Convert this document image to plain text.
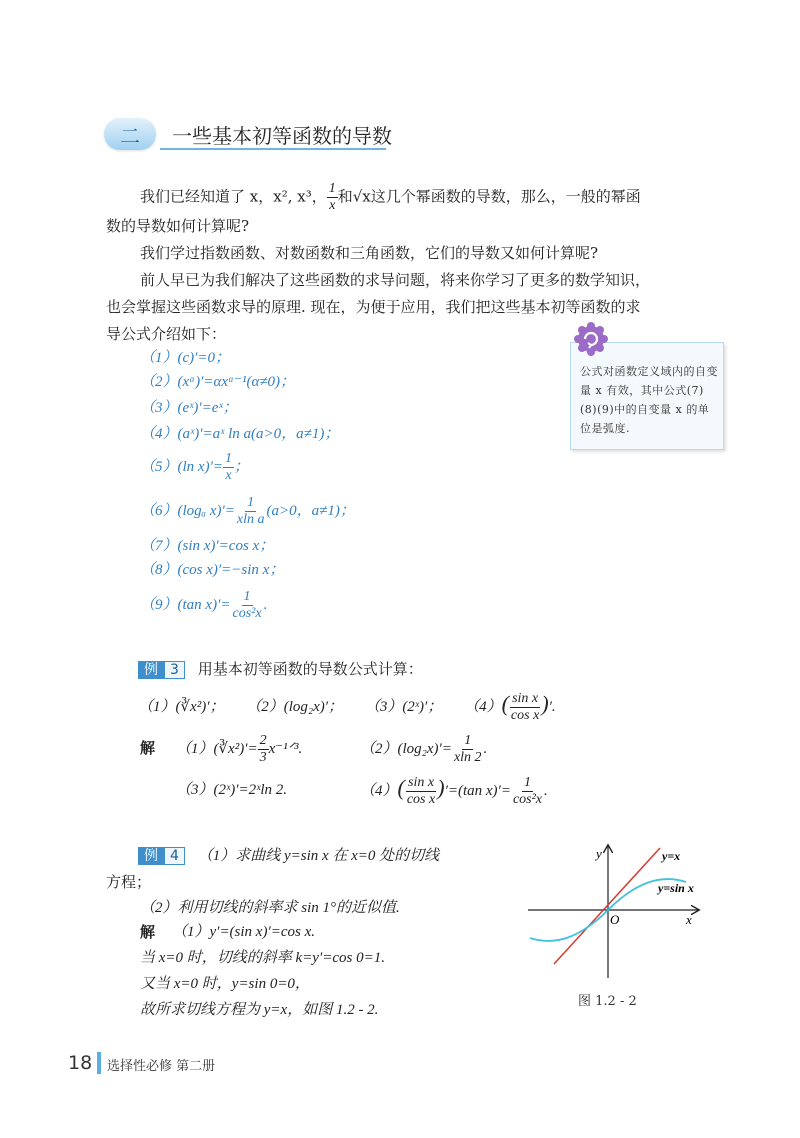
二 一些基本初等函数的导数
我们已经知道了 x，x², x³， $\frac{1}{x}$ 和√x这几个幂函数的导数，那么，一般的幂函
数的导数如何计算呢?
我们学过指数函数、对数函数和三角函数，它们的导数又如何计算呢?
前人早已为我们解决了这些函数的求导问题，将来你学习了更多的数学知识，
也会掌握这些函数求导的原理. 现在，为便于应用，我们把这些基本初等函数的求
导公式介绍如下：
（1）(c)′=0；
（2）(xᵅ)′=αxᵅ⁻¹(α≠0)；
（3）(eˣ)′=eˣ；
（4）(aˣ)′=aˣ ln a(a>0，a≠1)；
（5）(ln $x)'= \frac{1}{x}$ ；
（6）(logₐ $x)'= \frac{1}{\text{xln a}} (a>0$，a≠1)；
（7）(sin x)′=cos x；
（8）(cos x)′=−sin x；
（9）(tan $x)'= \frac{1}{\text{cos²x}}$ .
公式对函数定义域内的自变量 x 有效，其中公式(7)(8)(9)中的自变量 x 的单位是弧度.
例 3 用基本初等函数的导数公式计算：
（1）(∛x²)′； （2）(log₂x)′； （3）(2ˣ)′； $(4)( \frac{\text{sin x}}{\text{cos x}}$ )′.
解 （1）(∛x²)′= $\frac{2}{3}$ x⁻¹ᐟ³.	$(2)(\log_2x)'= \frac{1}{xln 2}$ .
（3）(2ˣ)′=2ˣln 2.	$(4)( \frac{\text{sin x}}{\text{cos x}} )'=(\tan$ $x)'= \frac{1}{\text{cos²x}}$ .
例 4 （1）求曲线 y=sin x 在 x=0 处的切线
方程；
（2）利用切线的斜率求 sin 1°的近似值.
解 （1）y′=(sin x)′=cos x.
当 x=0 时，切线的斜率 k=y′=cos 0=1.
又当 x=0 时，y=sin 0=0，
故所求切线方程为 y=x，如图 1.2 - 2.
y
x
O
y=x
y=sin x
图 1.2 - 2
18 选择性必修 第二册
